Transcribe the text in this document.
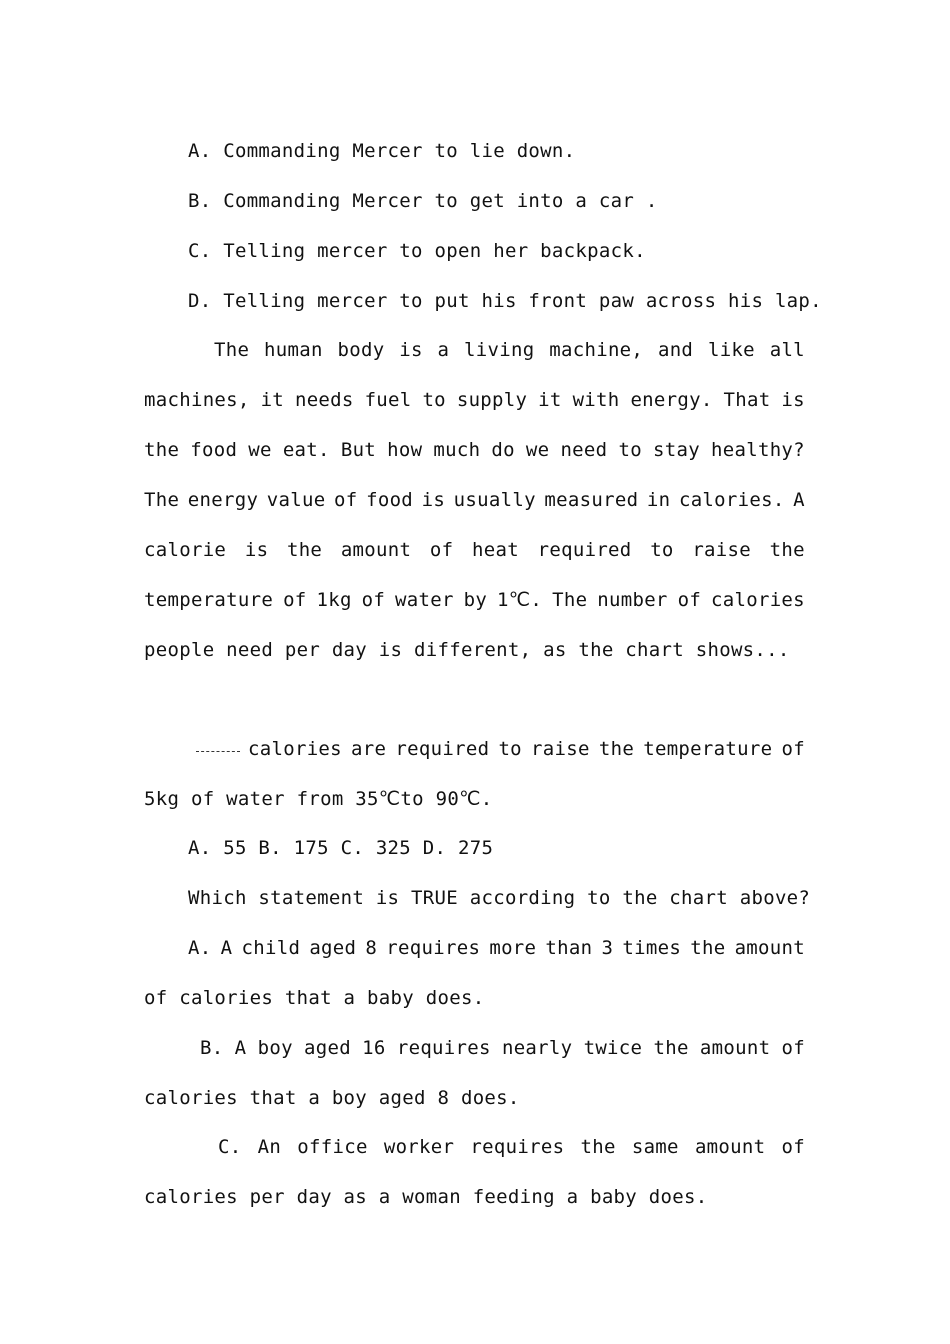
A. Commanding Mercer to lie down.
B. Commanding Mercer to get into a car .
C. Telling mercer to open her backpack.
D. Telling mercer to put his front paw across his lap.
The human body is a living machine, and like all
machines, it needs fuel to supply it with energy. That is
the food we eat. But how much do we need to stay healthy?
The energy value of food is usually measured in calories. A
calorie is the amount of heat required to raise the
temperature of 1kg of water by 1℃. The number of calories
people need per day is different, as the chart shows...
calories are required to raise the temperature of
5kg of water from 35℃to 90℃.
A. 55 B. 175 C. 325 D. 275
Which statement is TRUE according to the chart above?
A. A child aged 8 requires more than 3 times the amount
of calories that a baby does.
B. A boy aged 16 requires nearly twice the amount of
calories that a boy aged 8 does.
C. An office worker requires the same amount of
calories per day as a woman feeding a baby does.
